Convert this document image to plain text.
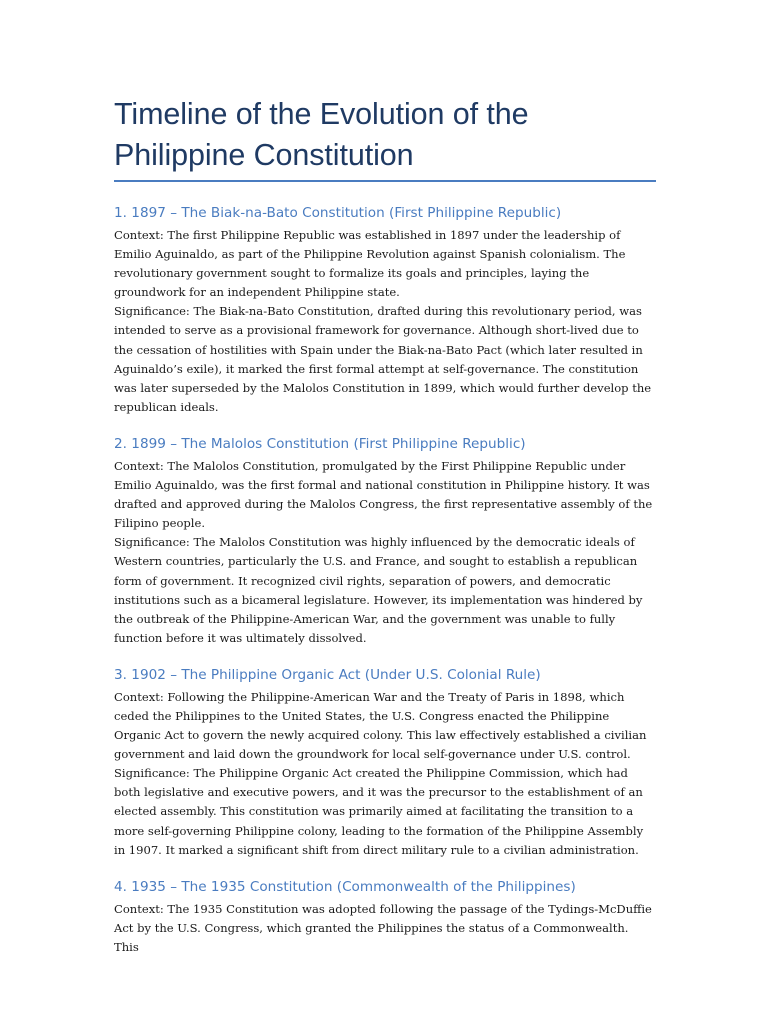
Timeline of the Evolution of the
Philippine Constitution
1. 1897 – The Biak-na-Bato Constitution (First Philippine Republic)

Context: The first Philippine Republic was established in 1897 under the leadership of Emilio Aguinaldo, as part of the Philippine Revolution against Spanish colonialism. The revolutionary government sought to formalize its goals and principles, laying the groundwork for an independent Philippine state.

Significance: The Biak-na-Bato Constitution, drafted during this revolutionary period, was intended to serve as a provisional framework for governance. Although short-lived due to the cessation of hostilities with Spain under the Biak-na-Bato Pact (which later resulted in Aguinaldo’s exile), it marked the first formal attempt at self-governance. The constitution was later superseded by the Malolos Constitution in 1899, which would further develop the republican ideals.

2. 1899 – The Malolos Constitution (First Philippine Republic)

Context: The Malolos Constitution, promulgated by the First Philippine Republic under Emilio Aguinaldo, was the first formal and national constitution in Philippine history. It was drafted and approved during the Malolos Congress, the first representative assembly of the Filipino people.

Significance: The Malolos Constitution was highly influenced by the democratic ideals of Western countries, particularly the U.S. and France, and sought to establish a republican form of government. It recognized civil rights, separation of powers, and democratic institutions such as a bicameral legislature. However, its implementation was hindered by the outbreak of the Philippine-American War, and the government was unable to fully function before it was ultimately dissolved.

3. 1902 – The Philippine Organic Act (Under U.S. Colonial Rule)

Context: Following the Philippine-American War and the Treaty of Paris in 1898, which ceded the Philippines to the United States, the U.S. Congress enacted the Philippine Organic Act to govern the newly acquired colony. This law effectively established a civilian government and laid down the groundwork for local self-governance under U.S. control.

Significance: The Philippine Organic Act created the Philippine Commission, which had both legislative and executive powers, and it was the precursor to the establishment of an elected assembly. This constitution was primarily aimed at facilitating the transition to a more self-governing Philippine colony, leading to the formation of the Philippine Assembly in 1907. It marked a significant shift from direct military rule to a civilian administration.

4. 1935 – The 1935 Constitution (Commonwealth of the Philippines)

Context: The 1935 Constitution was adopted following the passage of the Tydings-McDuffie Act by the U.S. Congress, which granted the Philippines the status of a Commonwealth. This
